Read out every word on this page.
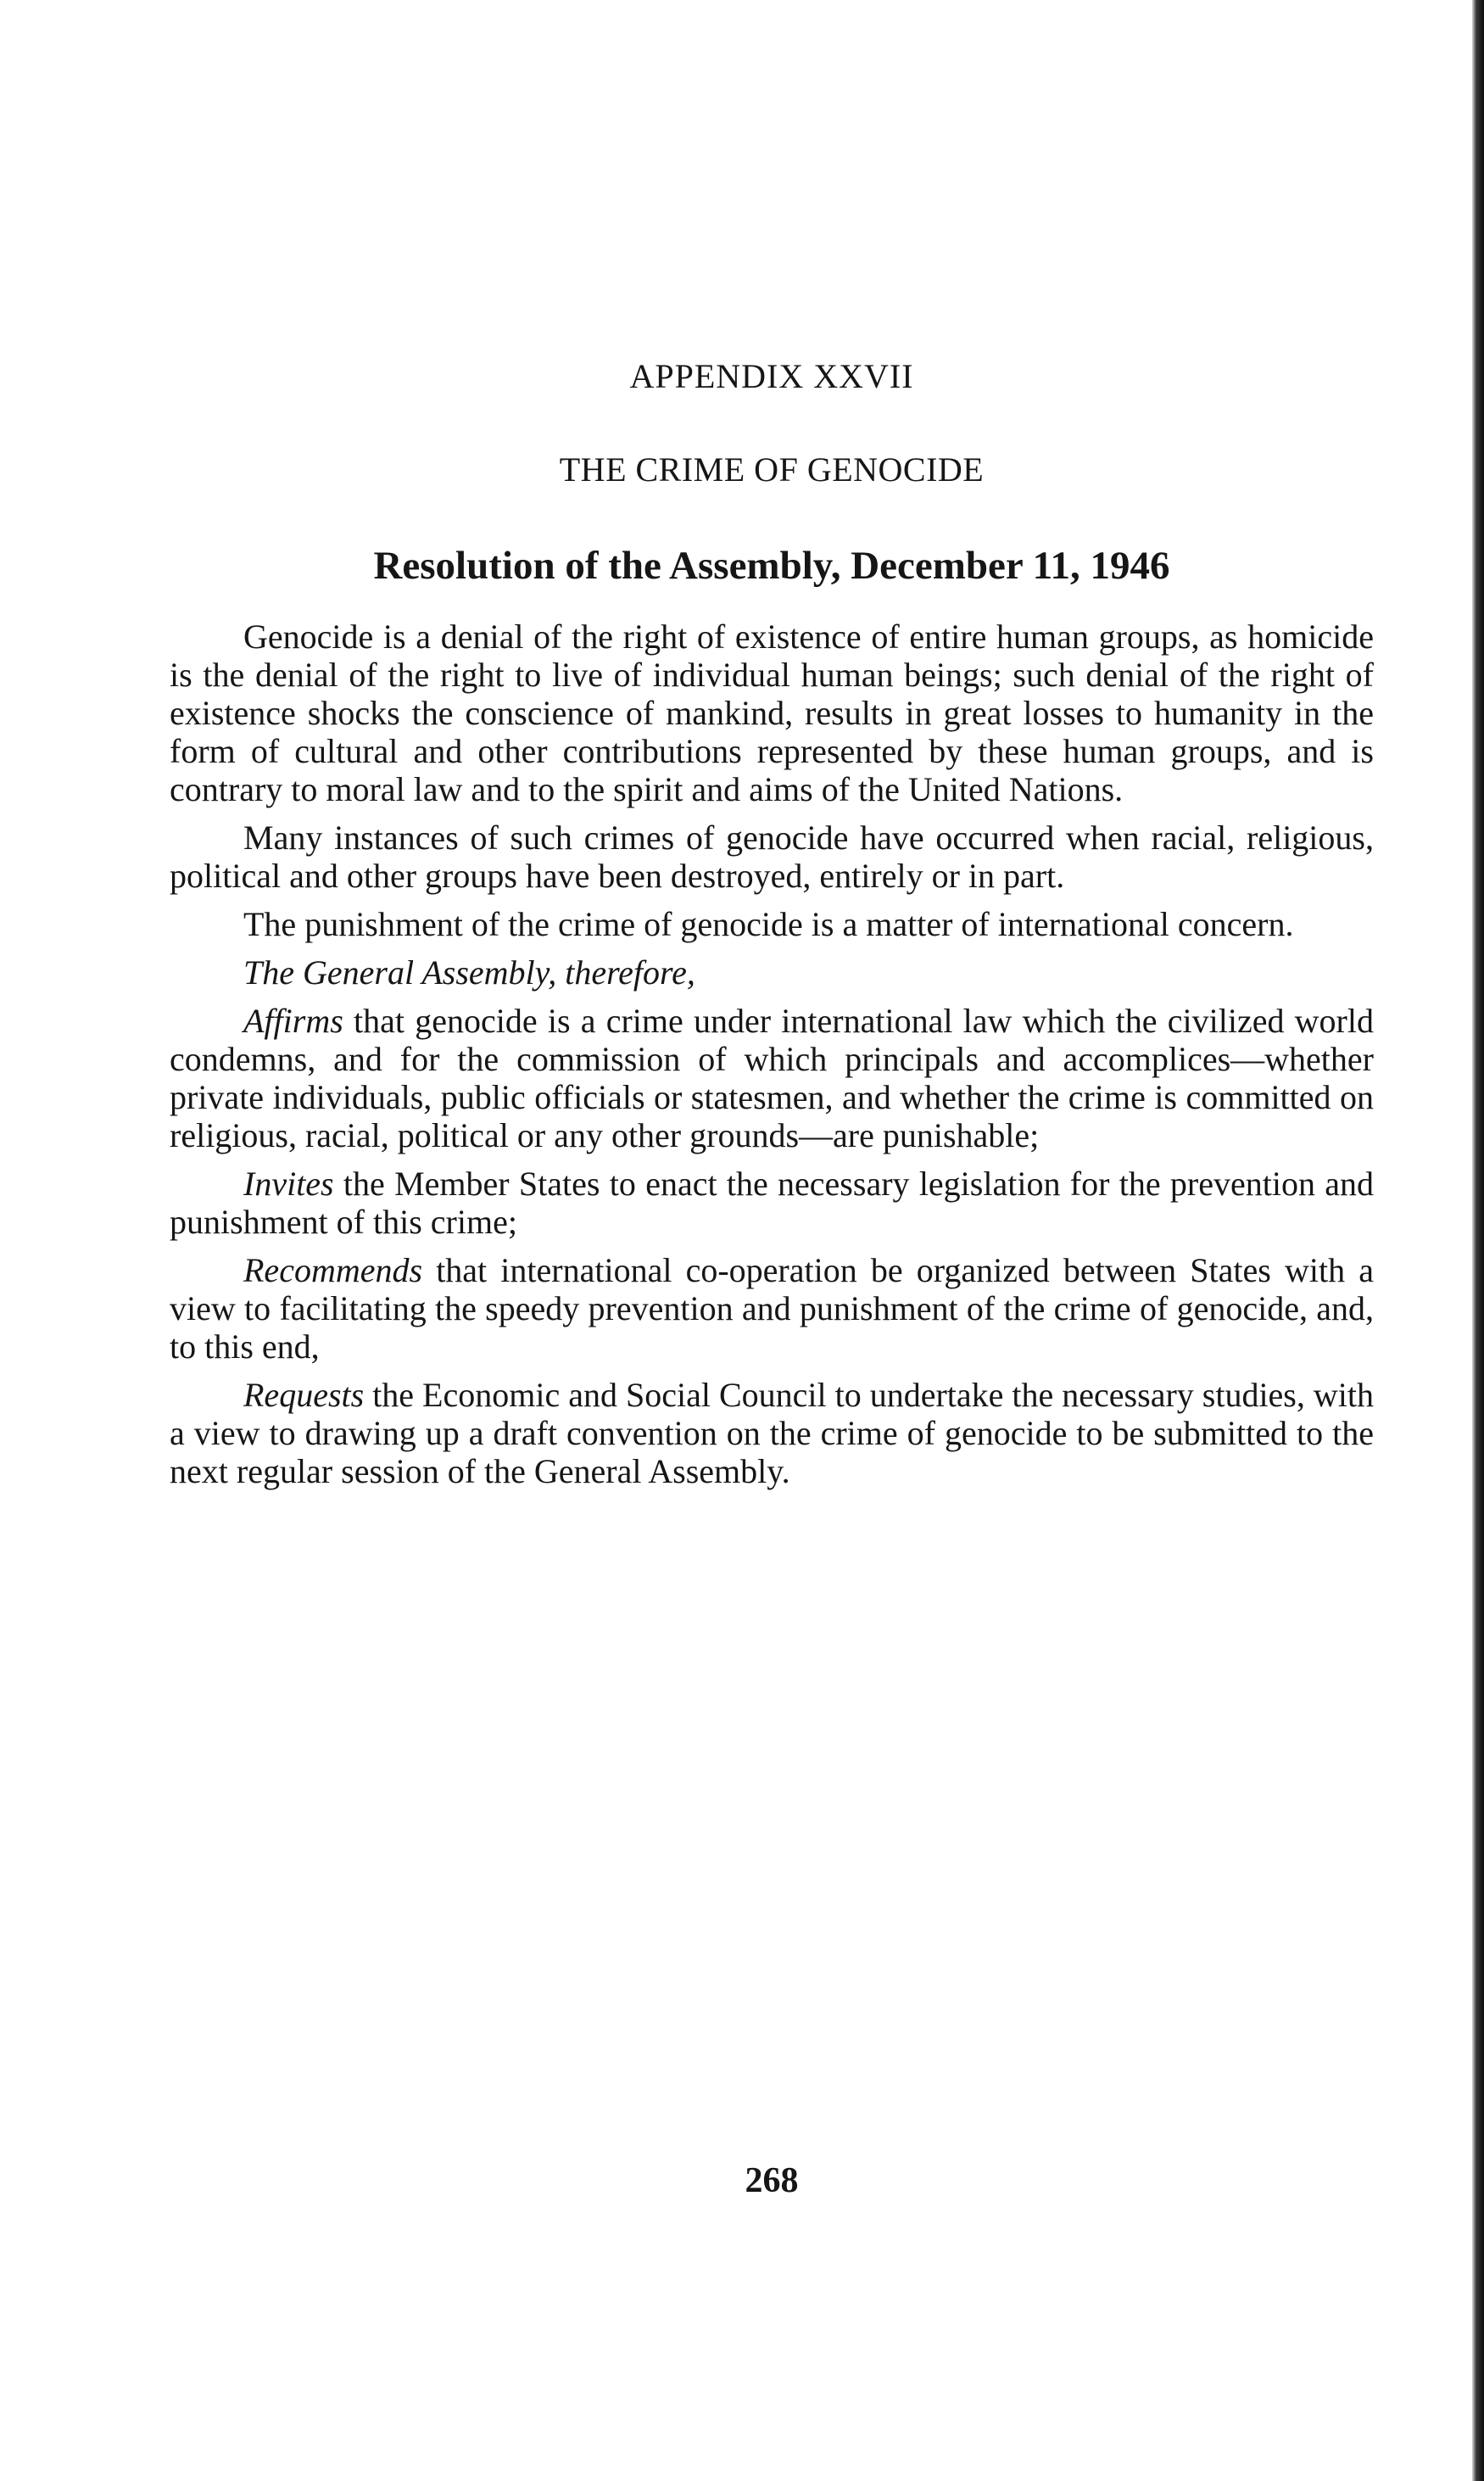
APPENDIX XXVII
THE CRIME OF GENOCIDE
Resolution of the Assembly, December 11, 1946

Genocide is a denial of the right of existence of entire human groups, as homicide is the denial of the right to live of individual human beings; such denial of the right of existence shocks the conscience of mankind, results in great losses to humanity in the form of cultural and other contributions represented by these human groups, and is contrary to moral law and to the spirit and aims of the United Nations.

Many instances of such crimes of genocide have occurred when racial, religious, political and other groups have been destroyed, entirely or in part.

The punishment of the crime of genocide is a matter of international concern.

The General Assembly, therefore,

Affirms that genocide is a crime under international law which the civilized world condemns, and for the commission of which principals and accomplices—whether private individuals, public officials or statesmen, and whether the crime is committed on religious, racial, political or any other grounds—are punishable;

Invites the Member States to enact the necessary legislation for the prevention and punishment of this crime;

Recommends that international co-operation be organized between States with a view to facilitating the speedy prevention and punishment of the crime of genocide, and, to this end,

Requests the Economic and Social Council to undertake the necessary studies, with a view to drawing up a draft convention on the crime of genocide to be submitted to the next regular session of the General Assembly.

268
